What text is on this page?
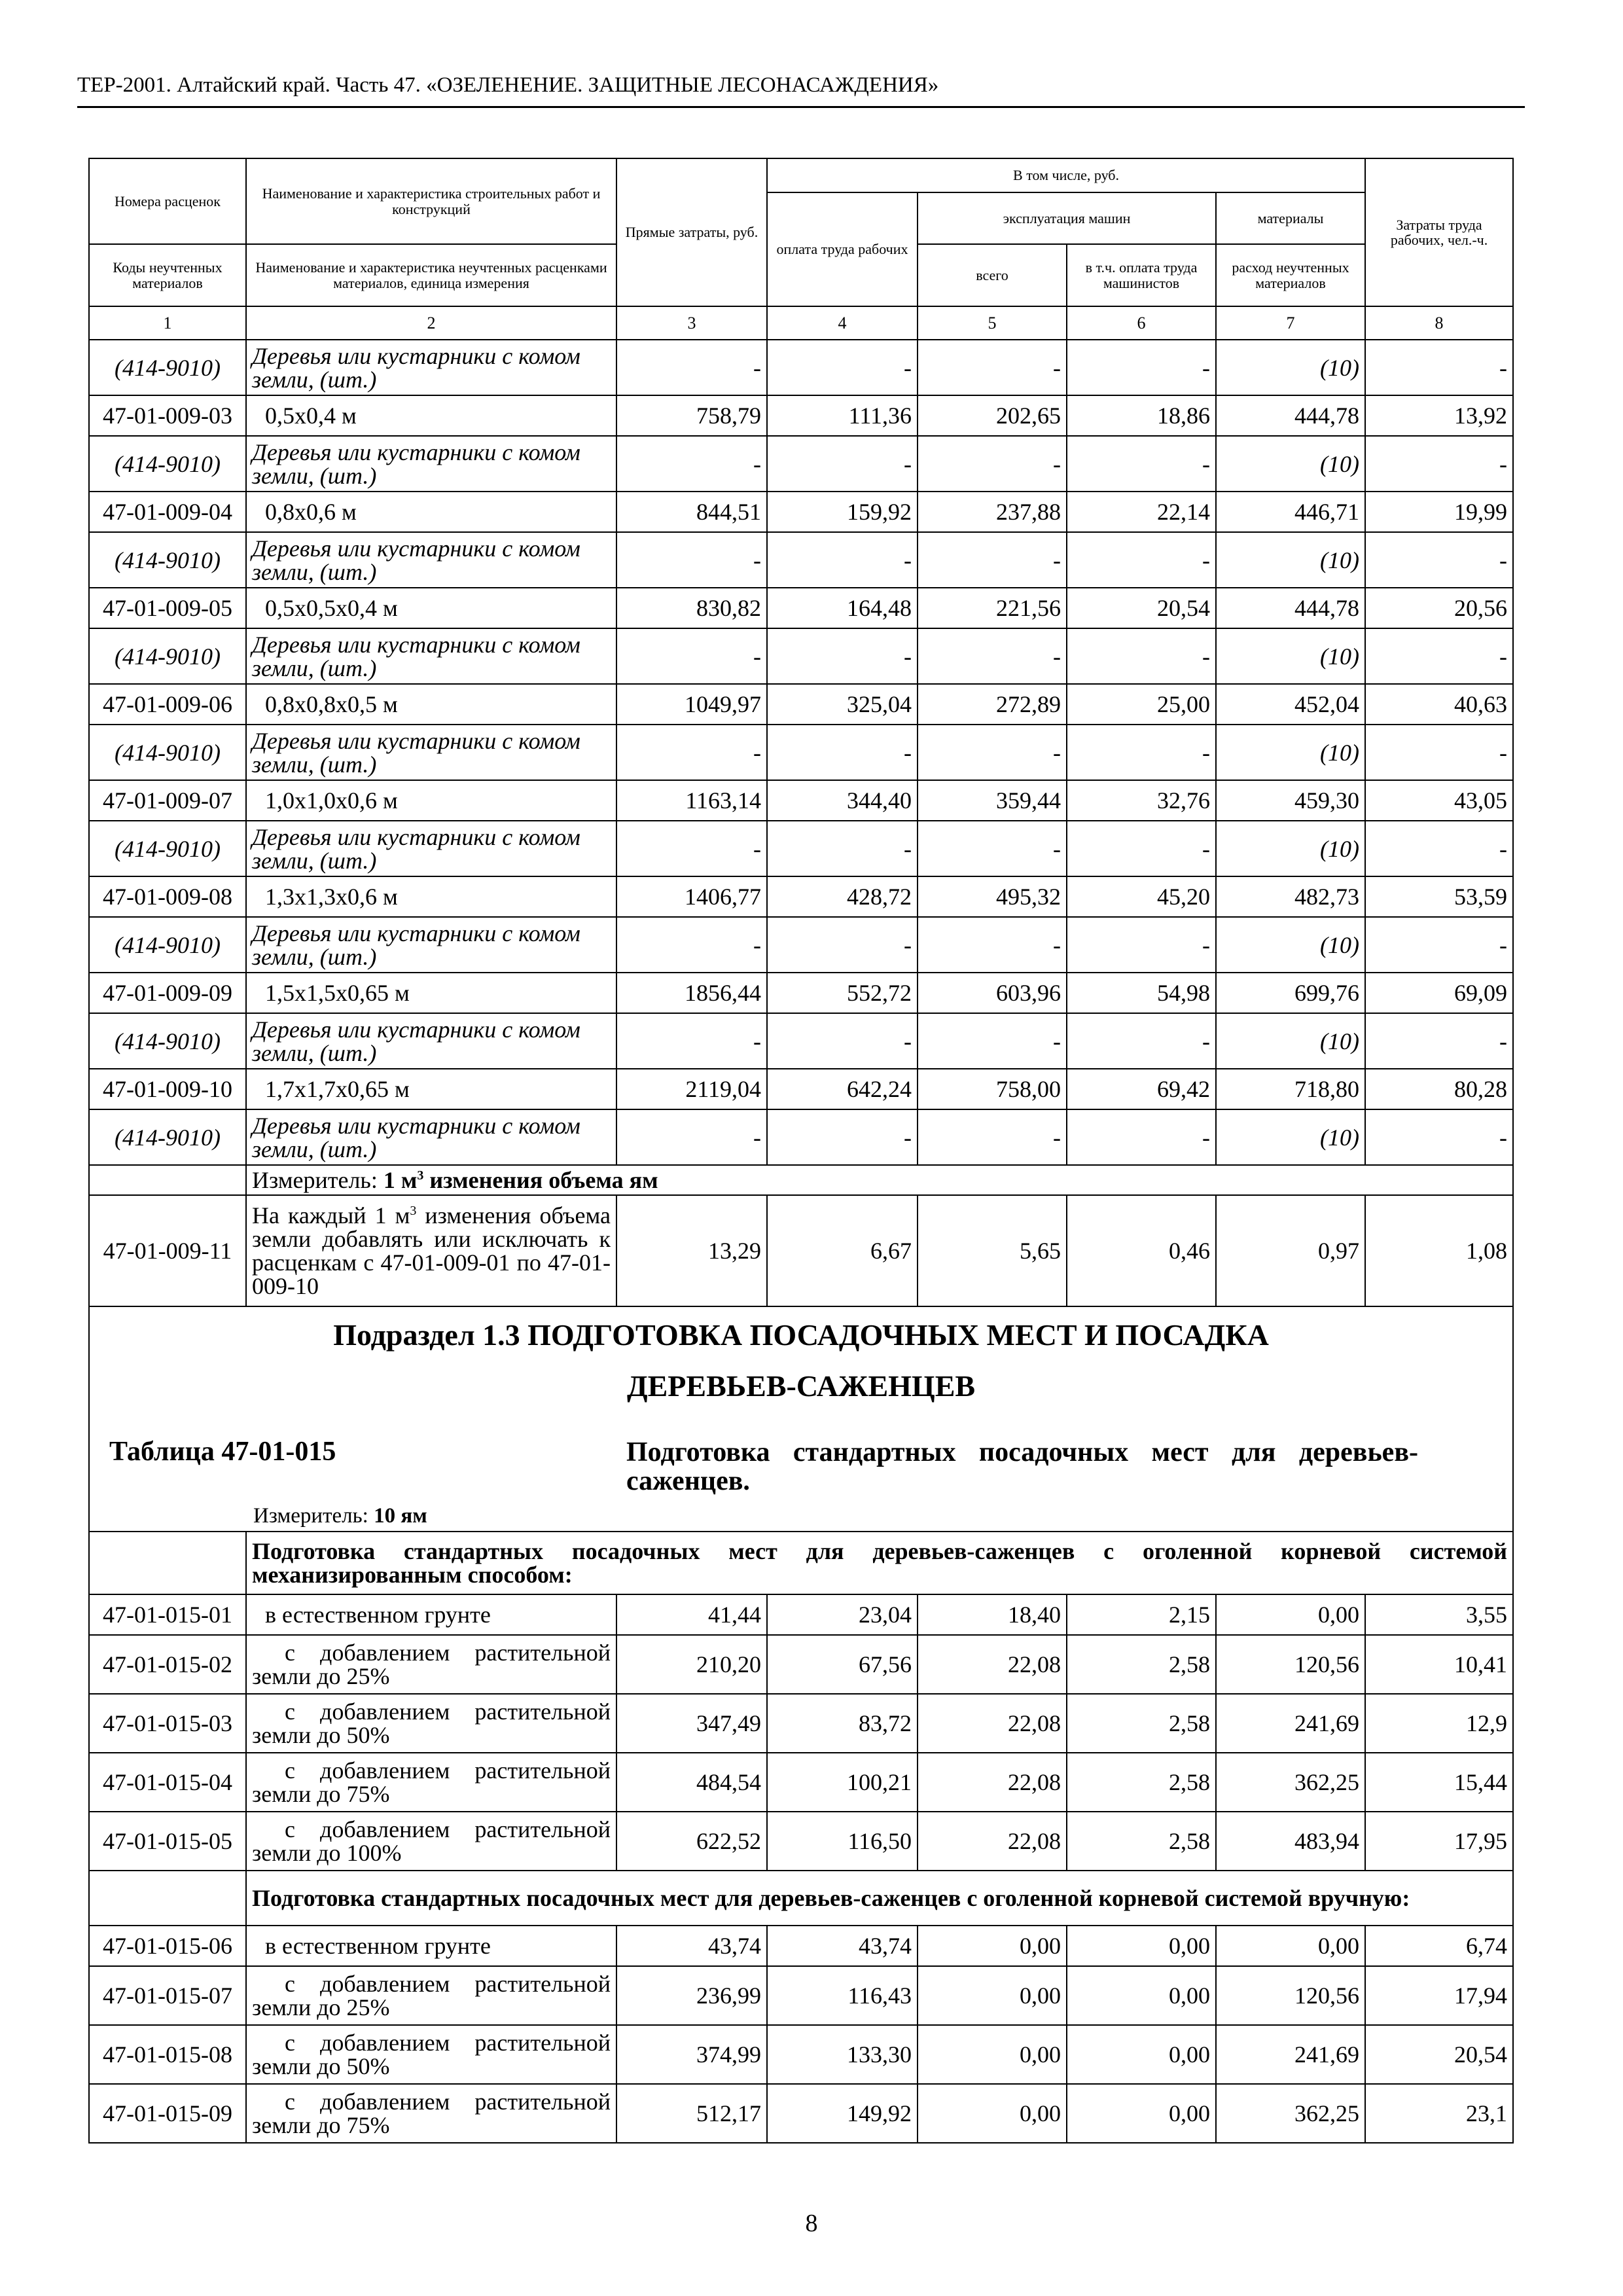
ТЕР-2001. Алтайский край. Часть 47. «ОЗЕЛЕНЕНИЕ. ЗАЩИТНЫЕ ЛЕСОНАСАЖДЕНИЯ»
Номера расценок	Наименование и характеристика строительных работ и конструкций	Прямые затраты, руб.	В том числе, руб.				Затраты труда рабочих, чел.-ч.
			оплата труда рабочих	эксплуатация машин		материалы	

Коды неучтенных материалов	Наименование и характеристика неучтенных расценками материалов, единица измерения			всего	в т.ч. оплата труда машинистов	расход неучтенных материалов	
1	2	3	4	5	6	7	8
(414-9010)	Деревья или кустарники с комом земли, (шт.)	-	-	-	-	(10)	-
47-01-009-03	0,5x0,4 м	758,79	111,36	202,65	18,86	444,78	13,92
(414-9010)	Деревья или кустарники с комом земли, (шт.)	-	-	-	-	(10)	-
47-01-009-04	0,8x0,6 м	844,51	159,92	237,88	22,14	446,71	19,99
(414-9010)	Деревья или кустарники с комом земли, (шт.)	-	-	-	-	(10)	-
47-01-009-05	0,5x0,5x0,4 м	830,82	164,48	221,56	20,54	444,78	20,56
(414-9010)	Деревья или кустарники с комом земли, (шт.)	-	-	-	-	(10)	-
47-01-009-06	0,8x0,8x0,5 м	1049,97	325,04	272,89	25,00	452,04	40,63
(414-9010)	Деревья или кустарники с комом земли, (шт.)	-	-	-	-	(10)	-
47-01-009-07	1,0x1,0x0,6 м	1163,14	344,40	359,44	32,76	459,30	43,05
(414-9010)	Деревья или кустарники с комом земли, (шт.)	-	-	-	-	(10)	-
47-01-009-08	1,3x1,3x0,6 м	1406,77	428,72	495,32	45,20	482,73	53,59
(414-9010)	Деревья или кустарники с комом земли, (шт.)	-	-	-	-	(10)	-
47-01-009-09	1,5x1,5x0,65 м	1856,44	552,72	603,96	54,98	699,76	69,09
(414-9010)	Деревья или кустарники с комом земли, (шт.)	-	-	-	-	(10)	-
47-01-009-10	1,7x1,7x0,65 м	2119,04	642,24	758,00	69,42	718,80	80,28
(414-9010)	Деревья или кустарники с комом земли, (шт.)	-	-	-	-	(10)	-
	Измеритель: 1 $м^3$ изменения объема ям						
47-01-009-11	На каждый 1 $м^3$ изменения объема земли добавлять или исключать к расценкам с 47-01-009-01 по 47-01-009-10	13,29	6,67	5,65	0,46	0,97	1,08

Подраздел 1.3 ПОДГОТОВКА ПОСАДОЧНЫХ МЕСТ И ПОСАДКА
ДЕРЕВЬЕВ-САЖЕНЦЕВ
Таблица 47-01-015 Подготовка стандартных посадочных мест для деревьев-саженцев.
Измеритель: 10 ям							

	Подготовка стандартных посадочных мест для деревьев-саженцев с оголенной корневой системой механизированным способом:						
47-01-015-01	в естественном грунте	41,44	23,04	18,40	2,15	0,00	3,55
47-01-015-02	с добавлением растительной земли до 25%	210,20	67,56	22,08	2,58	120,56	10,41
47-01-015-03	с добавлением растительной земли до 50%	347,49	83,72	22,08	2,58	241,69	12,9
47-01-015-04	с добавлением растительной земли до 75%	484,54	100,21	22,08	2,58	362,25	15,44
47-01-015-05	с добавлением растительной земли до 100%	622,52	116,50	22,08	2,58	483,94	17,95
	Подготовка стандартных посадочных мест для деревьев-саженцев с оголенной корневой системой вручную:						
47-01-015-06	в естественном грунте	43,74	43,74	0,00	0,00	0,00	6,74
47-01-015-07	с добавлением растительной земли до 25%	236,99	116,43	0,00	0,00	120,56	17,94
47-01-015-08	с добавлением растительной земли до 50%	374,99	133,30	0,00	0,00	241,69	20,54
47-01-015-09	с добавлением растительной земли до 75%	512,17	149,92	0,00	0,00	362,25	23,1
8
